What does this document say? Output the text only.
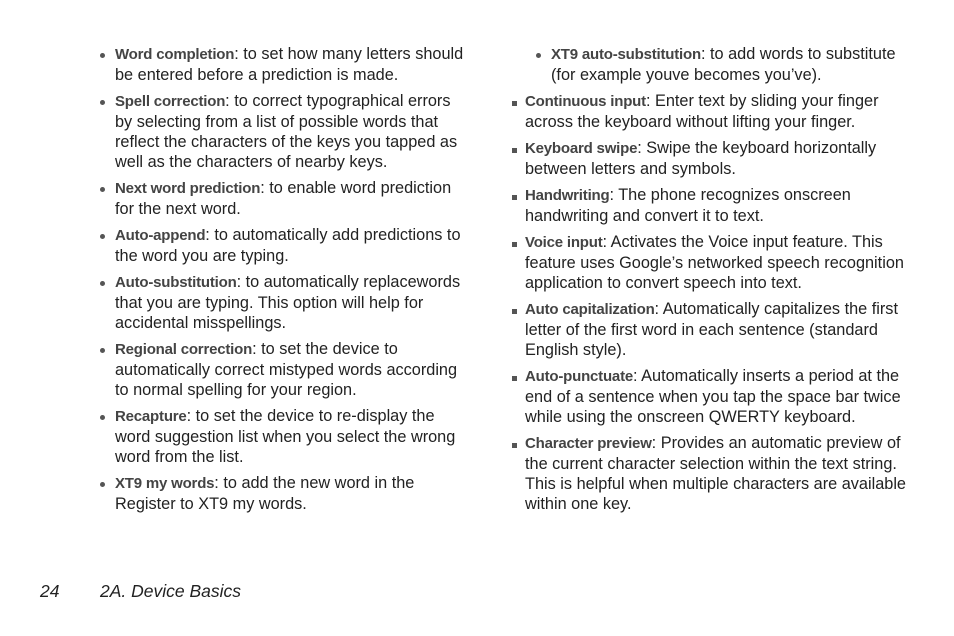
Word completion: to set how many letters should be entered before a prediction is made.
Spell correction: to correct typographical errors by selecting from a list of possible words that reflect the characters of the keys you tapped as well as the characters of nearby keys.
Next word prediction: to enable word prediction for the next word.
Auto-append: to automatically add predictions to the word you are typing.
Auto-substitution: to automatically replacewords that you are typing. This option will help for accidental misspellings.
Regional correction: to set the device to automatically correct mistyped words according to normal spelling for your region.
Recapture: to set the device to re-display the word suggestion list when you select the wrong word from the list.
XT9 my words: to add the new word in the Register to XT9 my words.
XT9 auto-substitution: to add words to substitute (for example youve becomes you’ve).
Continuous input: Enter text by sliding your finger across the keyboard without lifting your finger.
Keyboard swipe: Swipe the keyboard horizontally between letters and symbols.
Handwriting: The phone recognizes onscreen handwriting and convert it to text.
Voice input: Activates the Voice input feature. This feature uses Google’s networked speech recognition application to convert speech into text.
Auto capitalization: Automatically capitalizes the first letter of the first word in each sentence (standard English style).
Auto-punctuate: Automatically inserts a period at the end of a sentence when you tap the space bar twice while using the onscreen QWERTY keyboard.
Character preview: Provides an automatic preview of the current character selection within the text string. This is helpful when multiple characters are available within one key.
24 2A. Device Basics
